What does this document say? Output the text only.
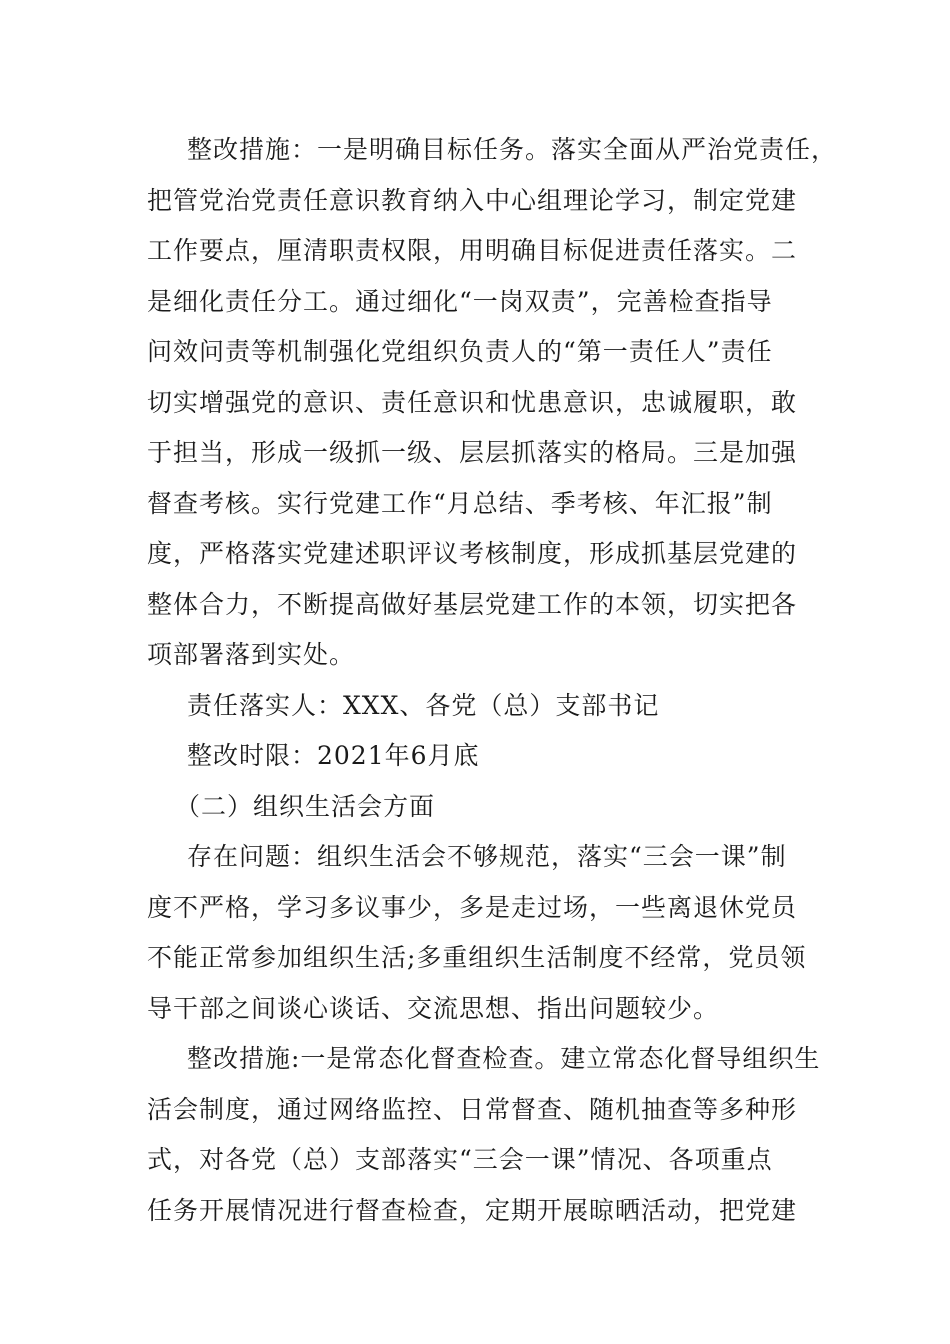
整改措施：一是明确目标任务。落实全面从严治党责任，
把管党治党责任意识教育纳入中心组理论学习，制定党建
工作要点，厘清职责权限，用明确目标促进责任落实。二
是细化责任分工。通过细化“一岗双责”，完善检查指导
问效问责等机制强化党组织负责人的“第一责任人”责任
切实增强党的意识、责任意识和忧患意识，忠诚履职，敢
于担当，形成一级抓一级、层层抓落实的格局。三是加强
督查考核。实行党建工作“月总结、季考核、年汇报”制
度，严格落实党建述职评议考核制度，形成抓基层党建的
整体合力，不断提高做好基层党建工作的本领，切实把各
项部署落到实处。
责任落实人：XXX、各党（总）支部书记
整改时限：2021年6月底
（二）组织生活会方面
存在问题：组织生活会不够规范，落实“三会一课”制
度不严格，学习多议事少，多是走过场，一些离退休党员
不能正常参加组织生活;多重组织生活制度不经常，党员领
导干部之间谈心谈话、交流思想、指出问题较少。
整改措施:一是常态化督查检查。建立常态化督导组织生
活会制度，通过网络监控、日常督查、随机抽查等多种形
式，对各党（总）支部落实“三会一课”情况、各项重点
任务开展情况进行督查检查，定期开展晾晒活动，把党建
